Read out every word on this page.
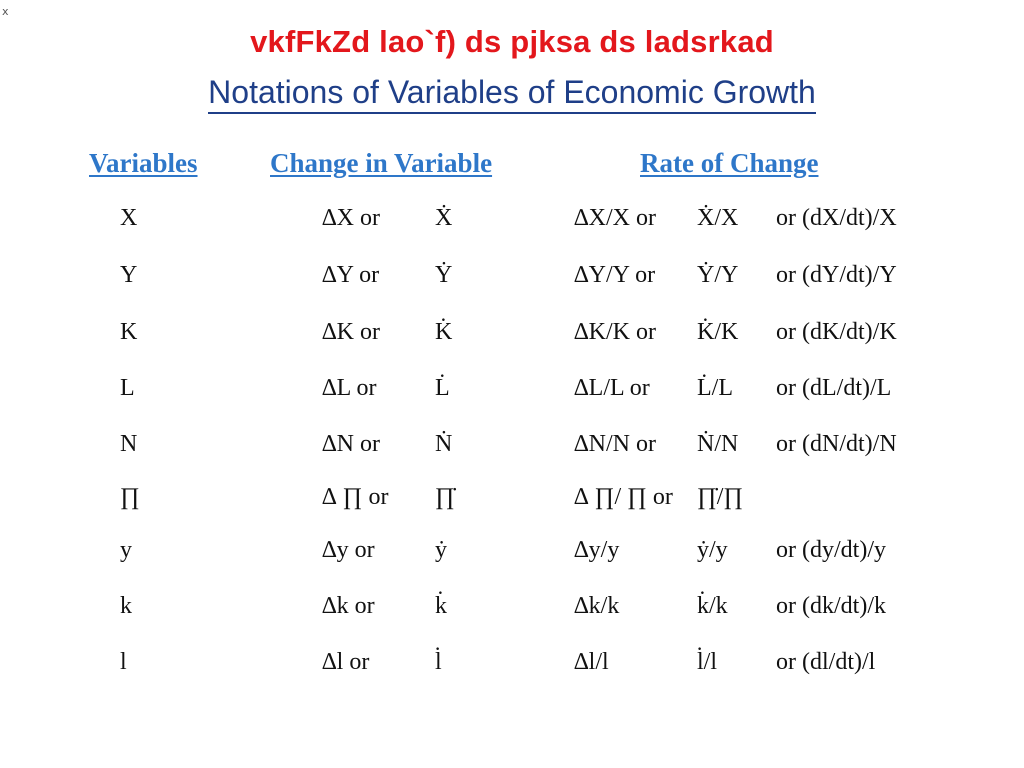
x
vkfFkZd lao`f) ds pjksa ds ladsrkad
Notations of Variables of Economic Growth
Variables	Change in Variable	Rate of Change
X	∆X or Ẋ	∆X/X or Ẋ/X or (dX/dt)/X
Y	∆Y or Ẏ	∆Y/Y or Ẏ/Y or (dY/dt)/Y
K	∆K or K̇	∆K/K or K̇/K or (dK/dt)/K
L	∆L or L̇	∆L/L or L̇/L or (dL/dt)/L
N	∆N or Ṅ	∆N/N or Ṅ/N or (dN/dt)/N
∏	∆ ∏ or ∏̇	∆ ∏/ ∏ or ∏̇/∏
y	∆y or	ẏ	∆y/y	ẏ/y or (dy/dt)/y
k	∆k or	k̇	∆k/k	k̇/k or (dk/dt)/k
l	∆l or	l̇	∆l/l	l̇/l or (dl/dt)/l
